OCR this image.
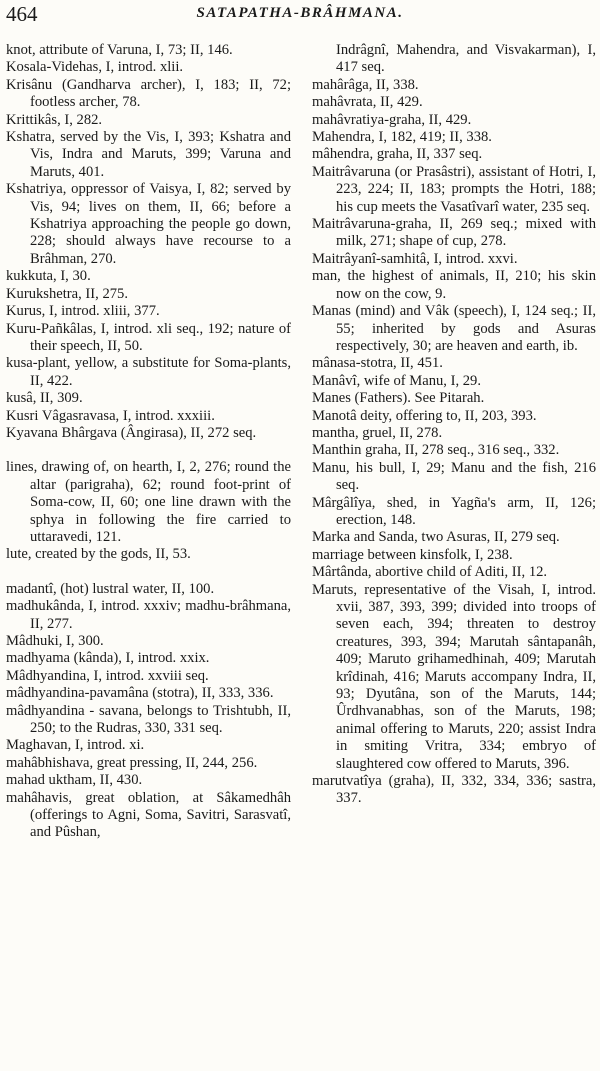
464	SATAPATHA-BRÂHMANA.

knot, attribute of Varuna, I, 73; II, 146.

Kosala-Videhas, I, introd. xlii.

Krisânu (Gandharva archer), I, 183; II, 72; footless archer, 78.

Krittikâs, I, 282.

Kshatra, served by the Vis, I, 393; Kshatra and Vis, Indra and Maruts, 399; Varuna and Maruts, 401.

Kshatriya, oppressor of Vaisya, I, 82; served by Vis, 94; lives on them, II, 66; before a Kshatriya approaching the people go down, 228; should always have recourse to a Brâhman, 270.

kukkuta, I, 30.

Kurukshetra, II, 275.

Kurus, I, introd. xliii, 377.

Kuru-Pañkâlas, I, introd. xli seq., 192; nature of their speech, II, 50.

kusa-plant, yellow, a substitute for Soma-plants, II, 422.

kusâ, II, 309.

Kusri Vâgasravasa, I, introd. xxxiii.

Kyavana Bhârgava (Ângirasa), II, 272 seq.

lines, drawing of, on hearth, I, 2, 276; round the altar (parigraha), 62; round foot-print of Soma-cow, II, 60; one line drawn with the sphya in following the fire carried to uttaravedi, 121.

lute, created by the gods, II, 53.

madantî, (hot) lustral water, II, 100.

madhukânda, I, introd. xxxiv; madhu-brâhmana, II, 277.

Mâdhuki, I, 300.

madhyama (kânda), I, introd. xxix.

Mâdhyandina, I, introd. xxviii seq.

mâdhyandina-pavamâna (stotra), II, 333, 336.

mâdhyandina - savana, belongs to Trishtubh, II, 250; to the Rudras, 330, 331 seq.

Maghavan, I, introd. xi.

mahâbhishava, great pressing, II, 244, 256.

mahad uktham, II, 430.

mahâhavis, great oblation, at Sâkamedhâh (offerings to Agni, Soma, Savitri, Sarasvatî, and Pûshan,

Indrâgnî, Mahendra, and Visvakarman), I, 417 seq.

mahârâga, II, 338.

mahâvrata, II, 429.

mahâvratiya-graha, II, 429.

Mahendra, I, 182, 419; II, 338.

mâhendra, graha, II, 337 seq.

Maitrâvaruna (or Prasâstri), assistant of Hotri, I, 223, 224; II, 183; prompts the Hotri, 188; his cup meets the Vasatîvarî water, 235 seq.

Maitrâvaruna-graha, II, 269 seq.; mixed with milk, 271; shape of cup, 278.

Maitrâyanî-samhitâ, I, introd. xxvi.

man, the highest of animals, II, 210; his skin now on the cow, 9.

Manas (mind) and Vâk (speech), I, 124 seq.; II, 55; inherited by gods and Asuras respectively, 30; are heaven and earth, ib.

mânasa-stotra, II, 451.

Manâvî, wife of Manu, I, 29.

Manes (Fathers). See Pitarah.

Manotâ deity, offering to, II, 203, 393.

mantha, gruel, II, 278.

Manthin graha, II, 278 seq., 316 seq., 332.

Manu, his bull, I, 29; Manu and the fish, 216 seq.

Mârgâlîya, shed, in Yagña's arm, II, 126; erection, 148.

Marka and Sanda, two Asuras, II, 279 seq.

marriage between kinsfolk, I, 238.

Mârtânda, abortive child of Aditi, II, 12.

Maruts, representative of the Visah, I, introd. xvii, 387, 393, 399; divided into troops of seven each, 394; threaten to destroy creatures, 393, 394; Marutah sântapanâh, 409; Maruto grihamedhinah, 409; Marutah krîdinah, 416; Maruts accompany Indra, II, 93; Dyutâna, son of the Maruts, 144; Ûrdhvanabhas, son of the Maruts, 198; animal offering to Maruts, 220; assist Indra in smiting Vritra, 334; embryo of slaughtered cow offered to Maruts, 396.

marutvatîya (graha), II, 332, 334, 336; sastra, 337.
